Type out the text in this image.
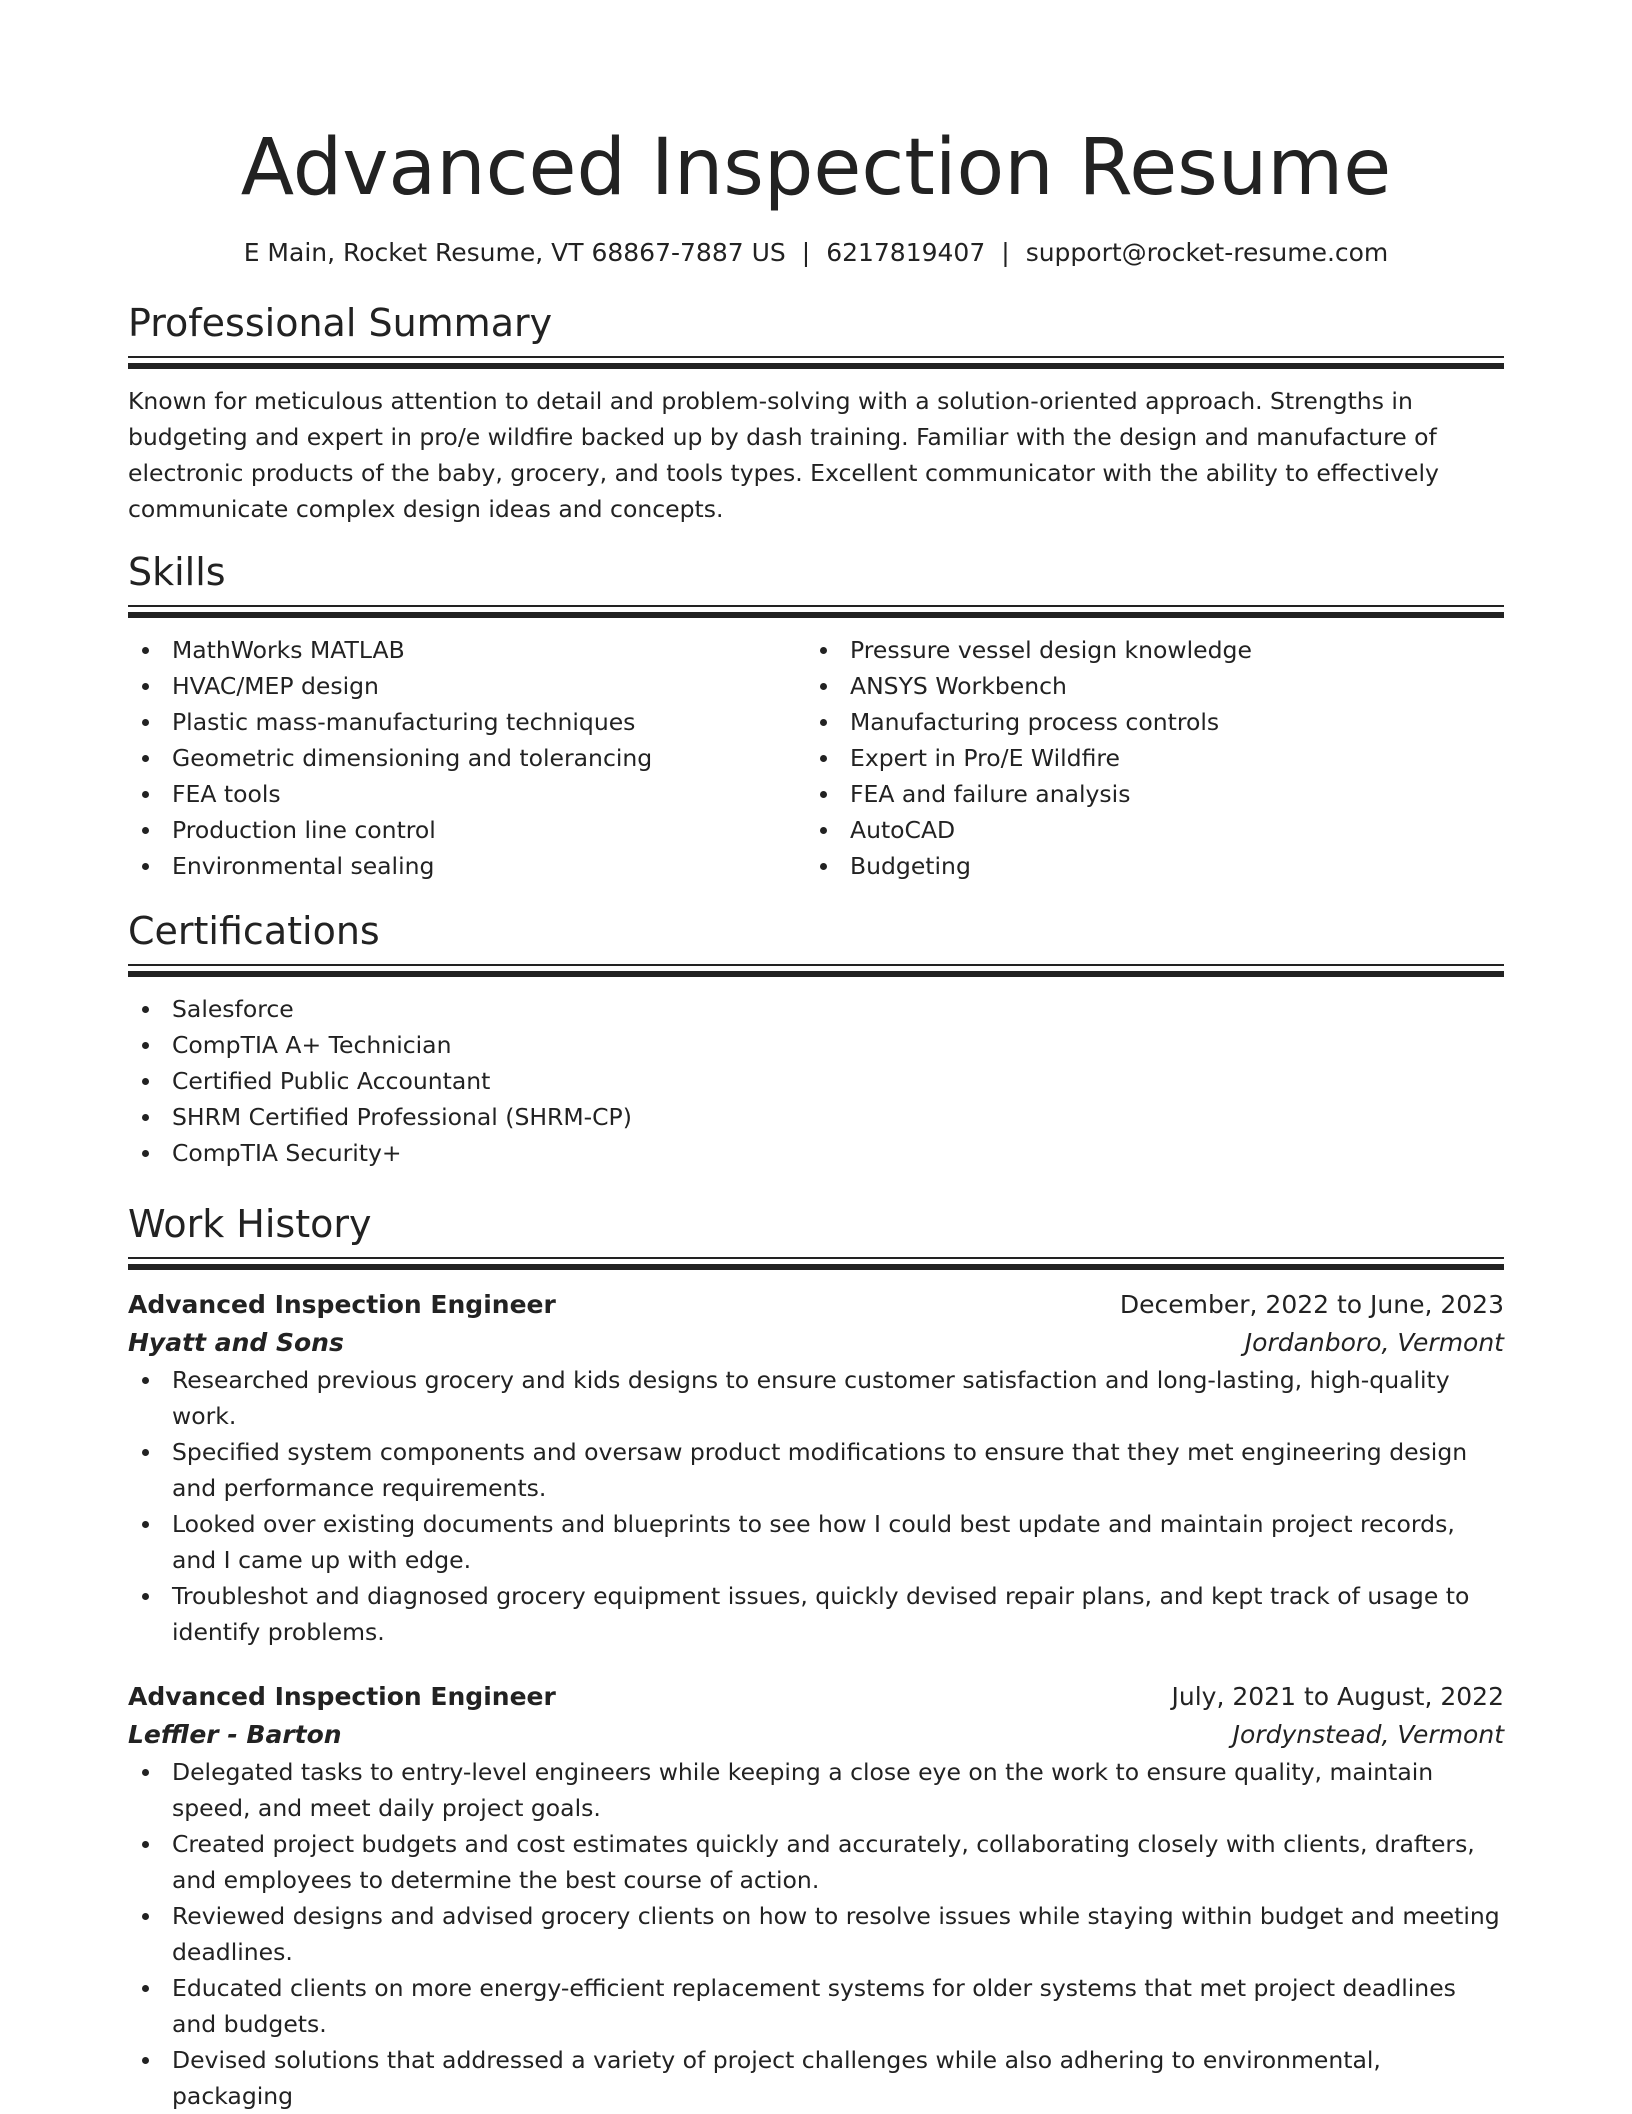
Advanced Inspection Resume
E Main, Rocket Resume, VT 68867-7887 US | 6217819407 | support@rocket-resume.com
Professional Summary

Known for meticulous attention to detail and problem-solving with a solution-oriented approach. Strengths in budgeting and expert in pro/e wildfire backed up by dash training. Familiar with the design and manufacture of electronic products of the baby, grocery, and tools types. Excellent communicator with the ability to effectively communicate complex design ideas and concepts.

Skills
MathWorks MATLAB
HVAC/MEP design
Plastic mass-manufacturing techniques
Geometric dimensioning and tolerancing
FEA tools
Production line control
Environmental sealing
Pressure vessel design knowledge
ANSYS Workbench
Manufacturing process controls
Expert in Pro/E Wildfire
FEA and failure analysis
AutoCAD
Budgeting
Certifications
Salesforce
CompTIA A+ Technician
Certified Public Accountant
SHRM Certified Professional (SHRM-CP)
CompTIA Security+
Work History
Advanced Inspection Engineer	December, 2022 to June, 2023
Hyatt and Sons	Jordanboro, Vermont
Researched previous grocery and kids designs to ensure customer satisfaction and long-lasting, high-quality work.
Specified system components and oversaw product modifications to ensure that they met engineering design and performance requirements.
Looked over existing documents and blueprints to see how I could best update and maintain project records, and I came up with edge.
Troubleshot and diagnosed grocery equipment issues, quickly devised repair plans, and kept track of usage to identify problems.
Advanced Inspection Engineer	July, 2021 to August, 2022
Leffler - Barton	Jordynstead, Vermont
Delegated tasks to entry-level engineers while keeping a close eye on the work to ensure quality, maintain speed, and meet daily project goals.
Created project budgets and cost estimates quickly and accurately, collaborating closely with clients, drafters, and employees to determine the best course of action.
Reviewed designs and advised grocery clients on how to resolve issues while staying within budget and meeting deadlines.
Educated clients on more energy-efficient replacement systems for older systems that met project deadlines and budgets.
Devised solutions that addressed a variety of project challenges while also adhering to environmental, packaging
